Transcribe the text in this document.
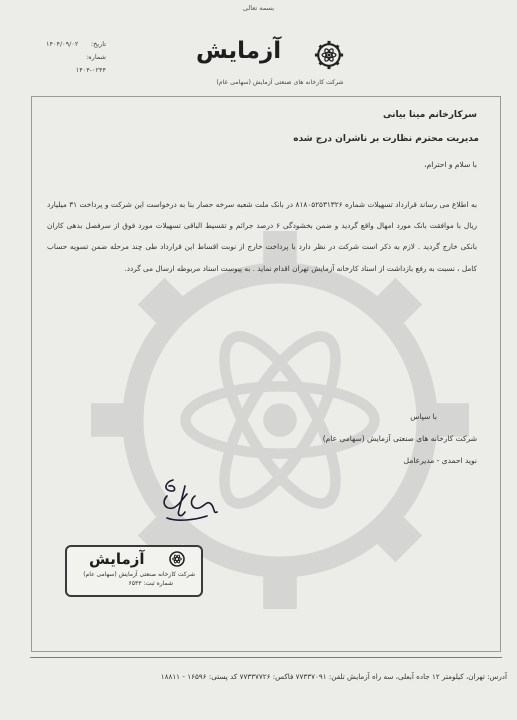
بسمه تعالی
تاریخ:
۱۴۰۴/۰۹/۰۲
شماره:
۱۴۰۴-۰۲۴۴
آزمایش
شرکت کارخانه های صنعتی آزمایش (سهامی عام)
سرکارخانم مینا بیانی
مدیریت محترم نظارت بر ناشران درج شده
با سلام و احترام،
به اطلاع می رساند قرارداد تسهیلات شماره ۸۱۸۰۵۲۵۳۱۳۲۶ در بانک ملت شعبه سرخه حصار بنا به درخواست این شرکت و پرداخت ۳۱ میلیارد ریال با موافقت بانک مورد امهال واقع گردید و ضمن بخشودگی ۶ درصد جرائم و تقسیط الباقی تسهیلات مورد فوق از سرفصل بدهی کاران بانکی خارج گردید . لازم به ذکر است شرکت در نظر دارد با پرداخت خارج از نوبت اقساط این قرارداد طی چند مرحله ضمن تسویه حساب کامل ، نسبت به رفع بازداشت از اسناد کارخانه آزمایش تهران اقدام نماید . به پیوست اسناد مربوطه ارسال می گردد.
با سپاس
شرکت کارخانه های صنعتی آزمایش (سهامی عام)
نوید احمدی - مدیرعامل
آزمایش
شرکت کارخانه صنعتی آزمایش (سهامی عام)
شماره ثبت: ۶۵۳۳
آدرس: تهران، کیلومتر ۱۲ جاده آبعلی، سه راه آزمایش تلفن: ۷۷۳۳۷۰۹۱ فاکس: ۷۷۳۳۷۷۲۶ کد پستی: ۱۶۵۹۶ - ۱۸۸۱۱
